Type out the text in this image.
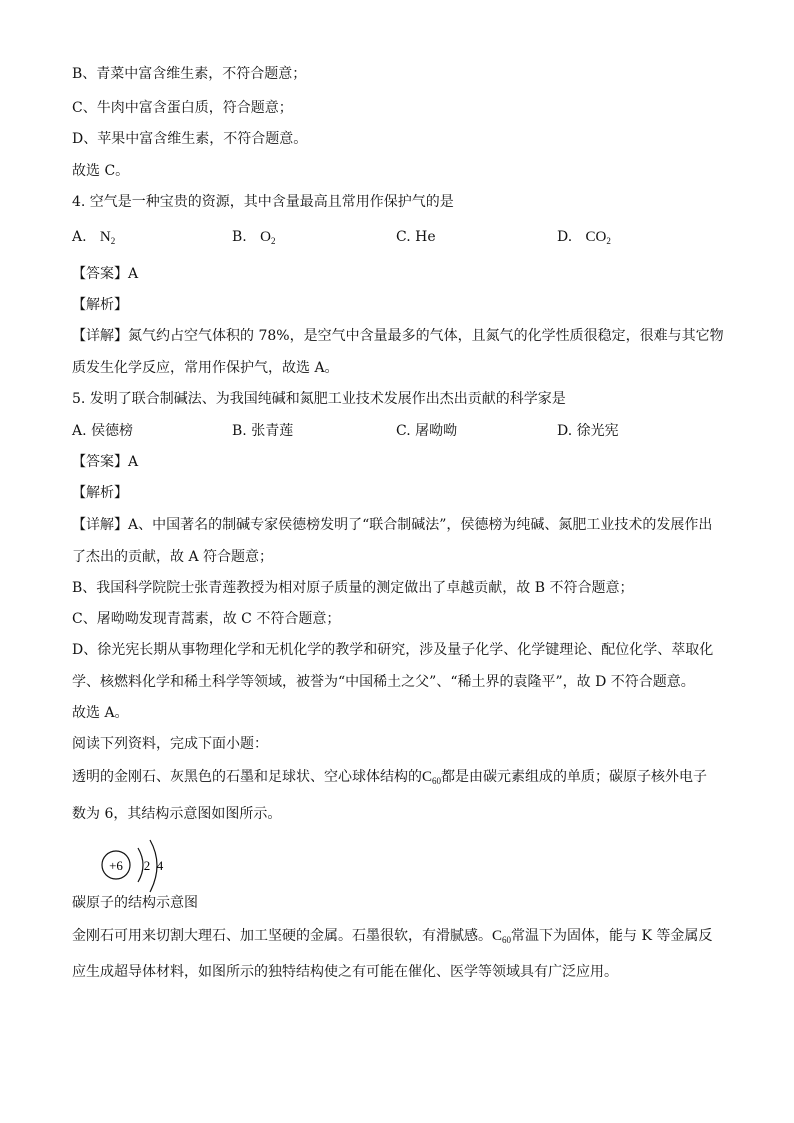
B、青菜中富含维生素，不符合题意；
C、牛肉中富含蛋白质，符合题意；
D、苹果中富含维生素，不符合题意。
故选 C。
4. 空气是一种宝贵的资源，其中含量最高且常用作保护气的是
A. $N_2$	B. $O_2$	C. He	D. $CO_2$
【答案】A
【解析】
【详解】氮气约占空气体积的 78%，是空气中含量最多的气体，且氮气的化学性质很稳定，很难与其它物
质发生化学反应，常用作保护气，故选 A。
5. 发明了联合制碱法、为我国纯碱和氮肥工业技术发展作出杰出贡献的科学家是
A. 侯德榜	B. 张青莲	C. 屠呦呦	D. 徐光宪
【答案】A
【解析】
【详解】A、中国著名的制碱专家侯德榜发明了“联合制碱法”，侯德榜为纯碱、氮肥工业技术的发展作出
了杰出的贡献，故 A 符合题意；
B、我国科学院院士张青莲教授为相对原子质量的测定做出了卓越贡献，故 B 不符合题意；
C、屠呦呦发现青蒿素，故 C 不符合题意；
D、徐光宪长期从事物理化学和无机化学的教学和研究，涉及量子化学、化学键理论、配位化学、萃取化
学、核燃料化学和稀土科学等领域，被誉为“中国稀土之父”、“稀土界的袁隆平”，故 D 不符合题意。
故选 A。
阅读下列资料，完成下面小题：
透明的金刚石、灰黑色的石墨和足球状、空心球体结构的$C_{60}$都是由碳元素组成的单质；碳原子核外电子
数为 6，其结构示意图如图所示。
+6 2 4
碳原子的结构示意图
金刚石可用来切割大理石、加工坚硬的金属。石墨很软，有滑腻感。$C_{60}$常温下为固体，能与 K 等金属反
应生成超导体材料，如图所示的独特结构使之有可能在催化、医学等领域具有广泛应用。
